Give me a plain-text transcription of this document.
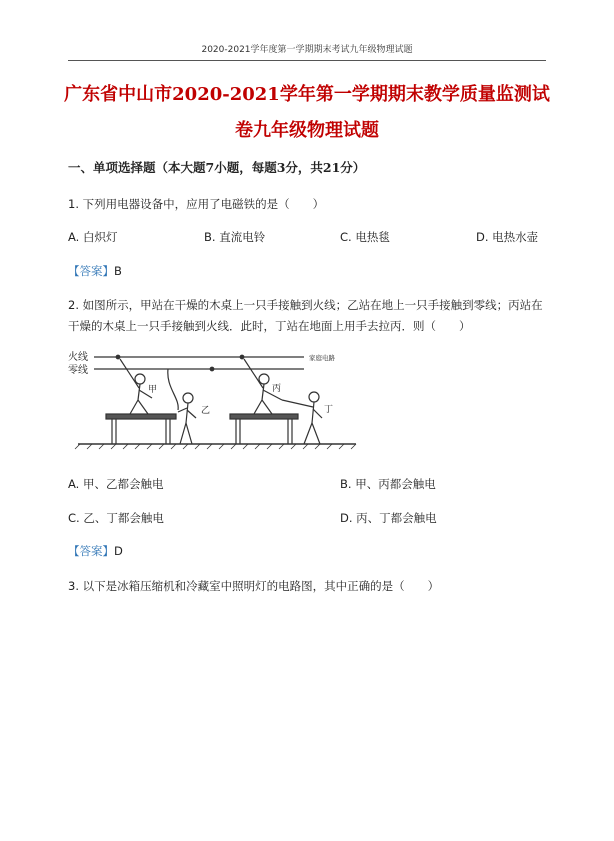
2020-2021学年度第一学期期末考试九年级物理试题
广东省中山市2020-2021学年第一学期期末教学质量监测试
卷九年级物理试题
一、单项选择题（本大题7小题，每题3分，共21分）
1. 下列用电器设备中，应用了电磁铁的是（　　）
A. 白炽灯	B. 直流电铃	C. 电热毯	D. 电热水壶
【答案】B
2. 如图所示，甲站在干燥的木桌上一只手接触到火线；乙站在地上一只手接触到零线；丙站在
干燥的木桌上一只手接触到火线．此时，丁站在地面上用手去拉丙．则（　　）
火线
零线
家庭电路
甲
乙
丙
丁
A. 甲、乙都会触电	B. 甲、丙都会触电
C. 乙、丁都会触电	D. 丙、丁都会触电
【答案】D
3. 以下是冰箱压缩机和冷藏室中照明灯的电路图，其中正确的是（　　）
